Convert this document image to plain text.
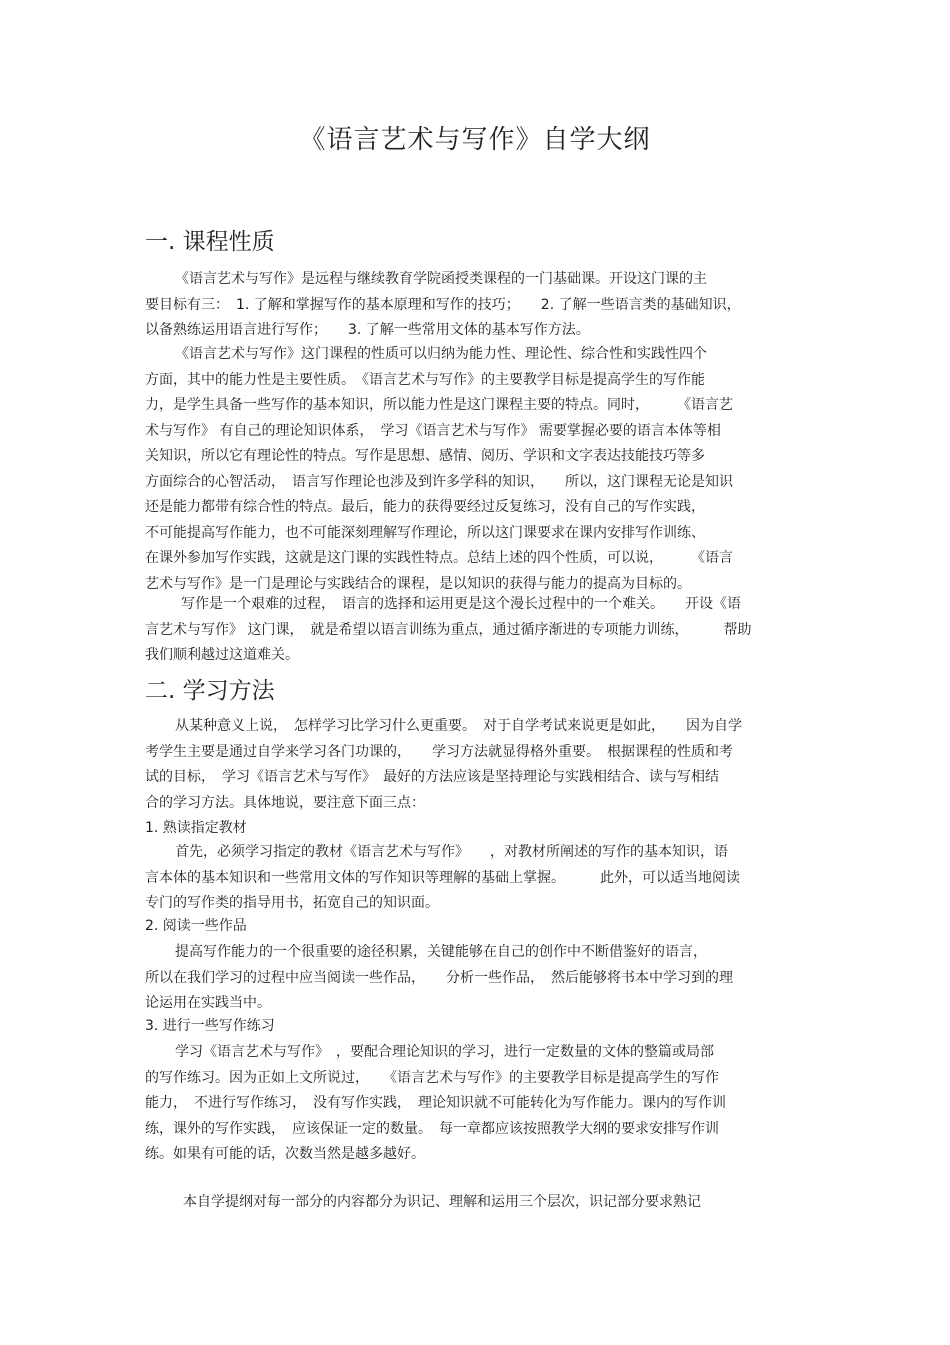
《语言艺术与写作》自学大纲
一. 课程性质
《语言艺术与写作》是远程与继续教育学院函授类课程的一门基础课。开设这门课的主
要目标有三：　1. 了解和掌握写作的基本原理和写作的技巧；　　2. 了解一些语言类的基础知识，
以备熟练运用语言进行写作；　　3. 了解一些常用文体的基本写作方法。
《语言艺术与写作》这门课程的性质可以归纳为能力性、理论性、综合性和实践性四个
方面，其中的能力性是主要性质。　《语言艺术与写作》的主要教学目标是提高学生的写作能
力，是学生具备一些写作的基本知识，所以能力性是这门课程主要的特点。同时，　　　《语言艺
术与写作》 有自己的理论知识体系，　学习《语言艺术与写作》 需要掌握必要的语言本体等相
关知识，所以它有理论性的特点。写作是思想、感情、阅历、学识和文字表达技能技巧等多
方面综合的心智活动，　语言写作理论也涉及到许多学科的知识，　　所以，这门课程无论是知识
还是能力都带有综合性的特点。最后，能力的获得要经过反复练习，没有自己的写作实践，
不可能提高写作能力，也不可能深刻理解写作理论，所以这门课要求在课内安排写作训练、
在课外参加写作实践，这就是这门课的实践性特点。总结上述的四个性质，可以说，　　　《语言
艺术与写作》是一门是理论与实践结合的课程，是以知识的获得与能力的提高为目标的。
写作是一个艰难的过程，　语言的选择和运用更是这个漫长过程中的一个难关。　　开设《语
言艺术与写作》 这门课，　就是希望以语言训练为重点，通过循序渐进的专项能力训练，　　　帮助
我们顺利越过这道难关。
二. 学习方法
从某种意义上说，　怎样学习比学习什么更重要。　对于自学考试来说更是如此，　　因为自学
考学生主要是通过自学来学习各门功课的，　　学习方法就显得格外重要。　根据课程的性质和考
试的目标，　学习《语言艺术与写作》　最好的方法应该是坚持理论与实践相结合、读与写相结
合的学习方法。具体地说，要注意下面三点：
1. 熟读指定教材
首先，必须学习指定的教材《语言艺术与写作》　　，对教材所阐述的写作的基本知识，语
言本体的基本知识和一些常用文体的写作知识等理解的基础上掌握。　　　此外，可以适当地阅读
专门的写作类的指导用书，拓宽自己的知识面。
2. 阅读一些作品
提高写作能力的一个很重要的途径积累，关键能够在自己的创作中不断借鉴好的语言，
所以在我们学习的过程中应当阅读一些作品，　　分析一些作品，　然后能够将书本中学习到的理
论运用在实践当中。
3. 进行一些写作练习
学习《语言艺术与写作》　，要配合理论知识的学习，进行一定数量的文体的整篇或局部
的写作练习。因为正如上文所说过，　　《语言艺术与写作》的主要教学目标是提高学生的写作
能力，　不进行写作练习，　没有写作实践，　理论知识就不可能转化为写作能力。课内的写作训
练，课外的写作实践，　应该保证一定的数量。　每一章都应该按照教学大纲的要求安排写作训
练。如果有可能的话，次数当然是越多越好。
本自学提纲对每一部分的内容都分为识记、理解和运用三个层次，识记部分要求熟记
